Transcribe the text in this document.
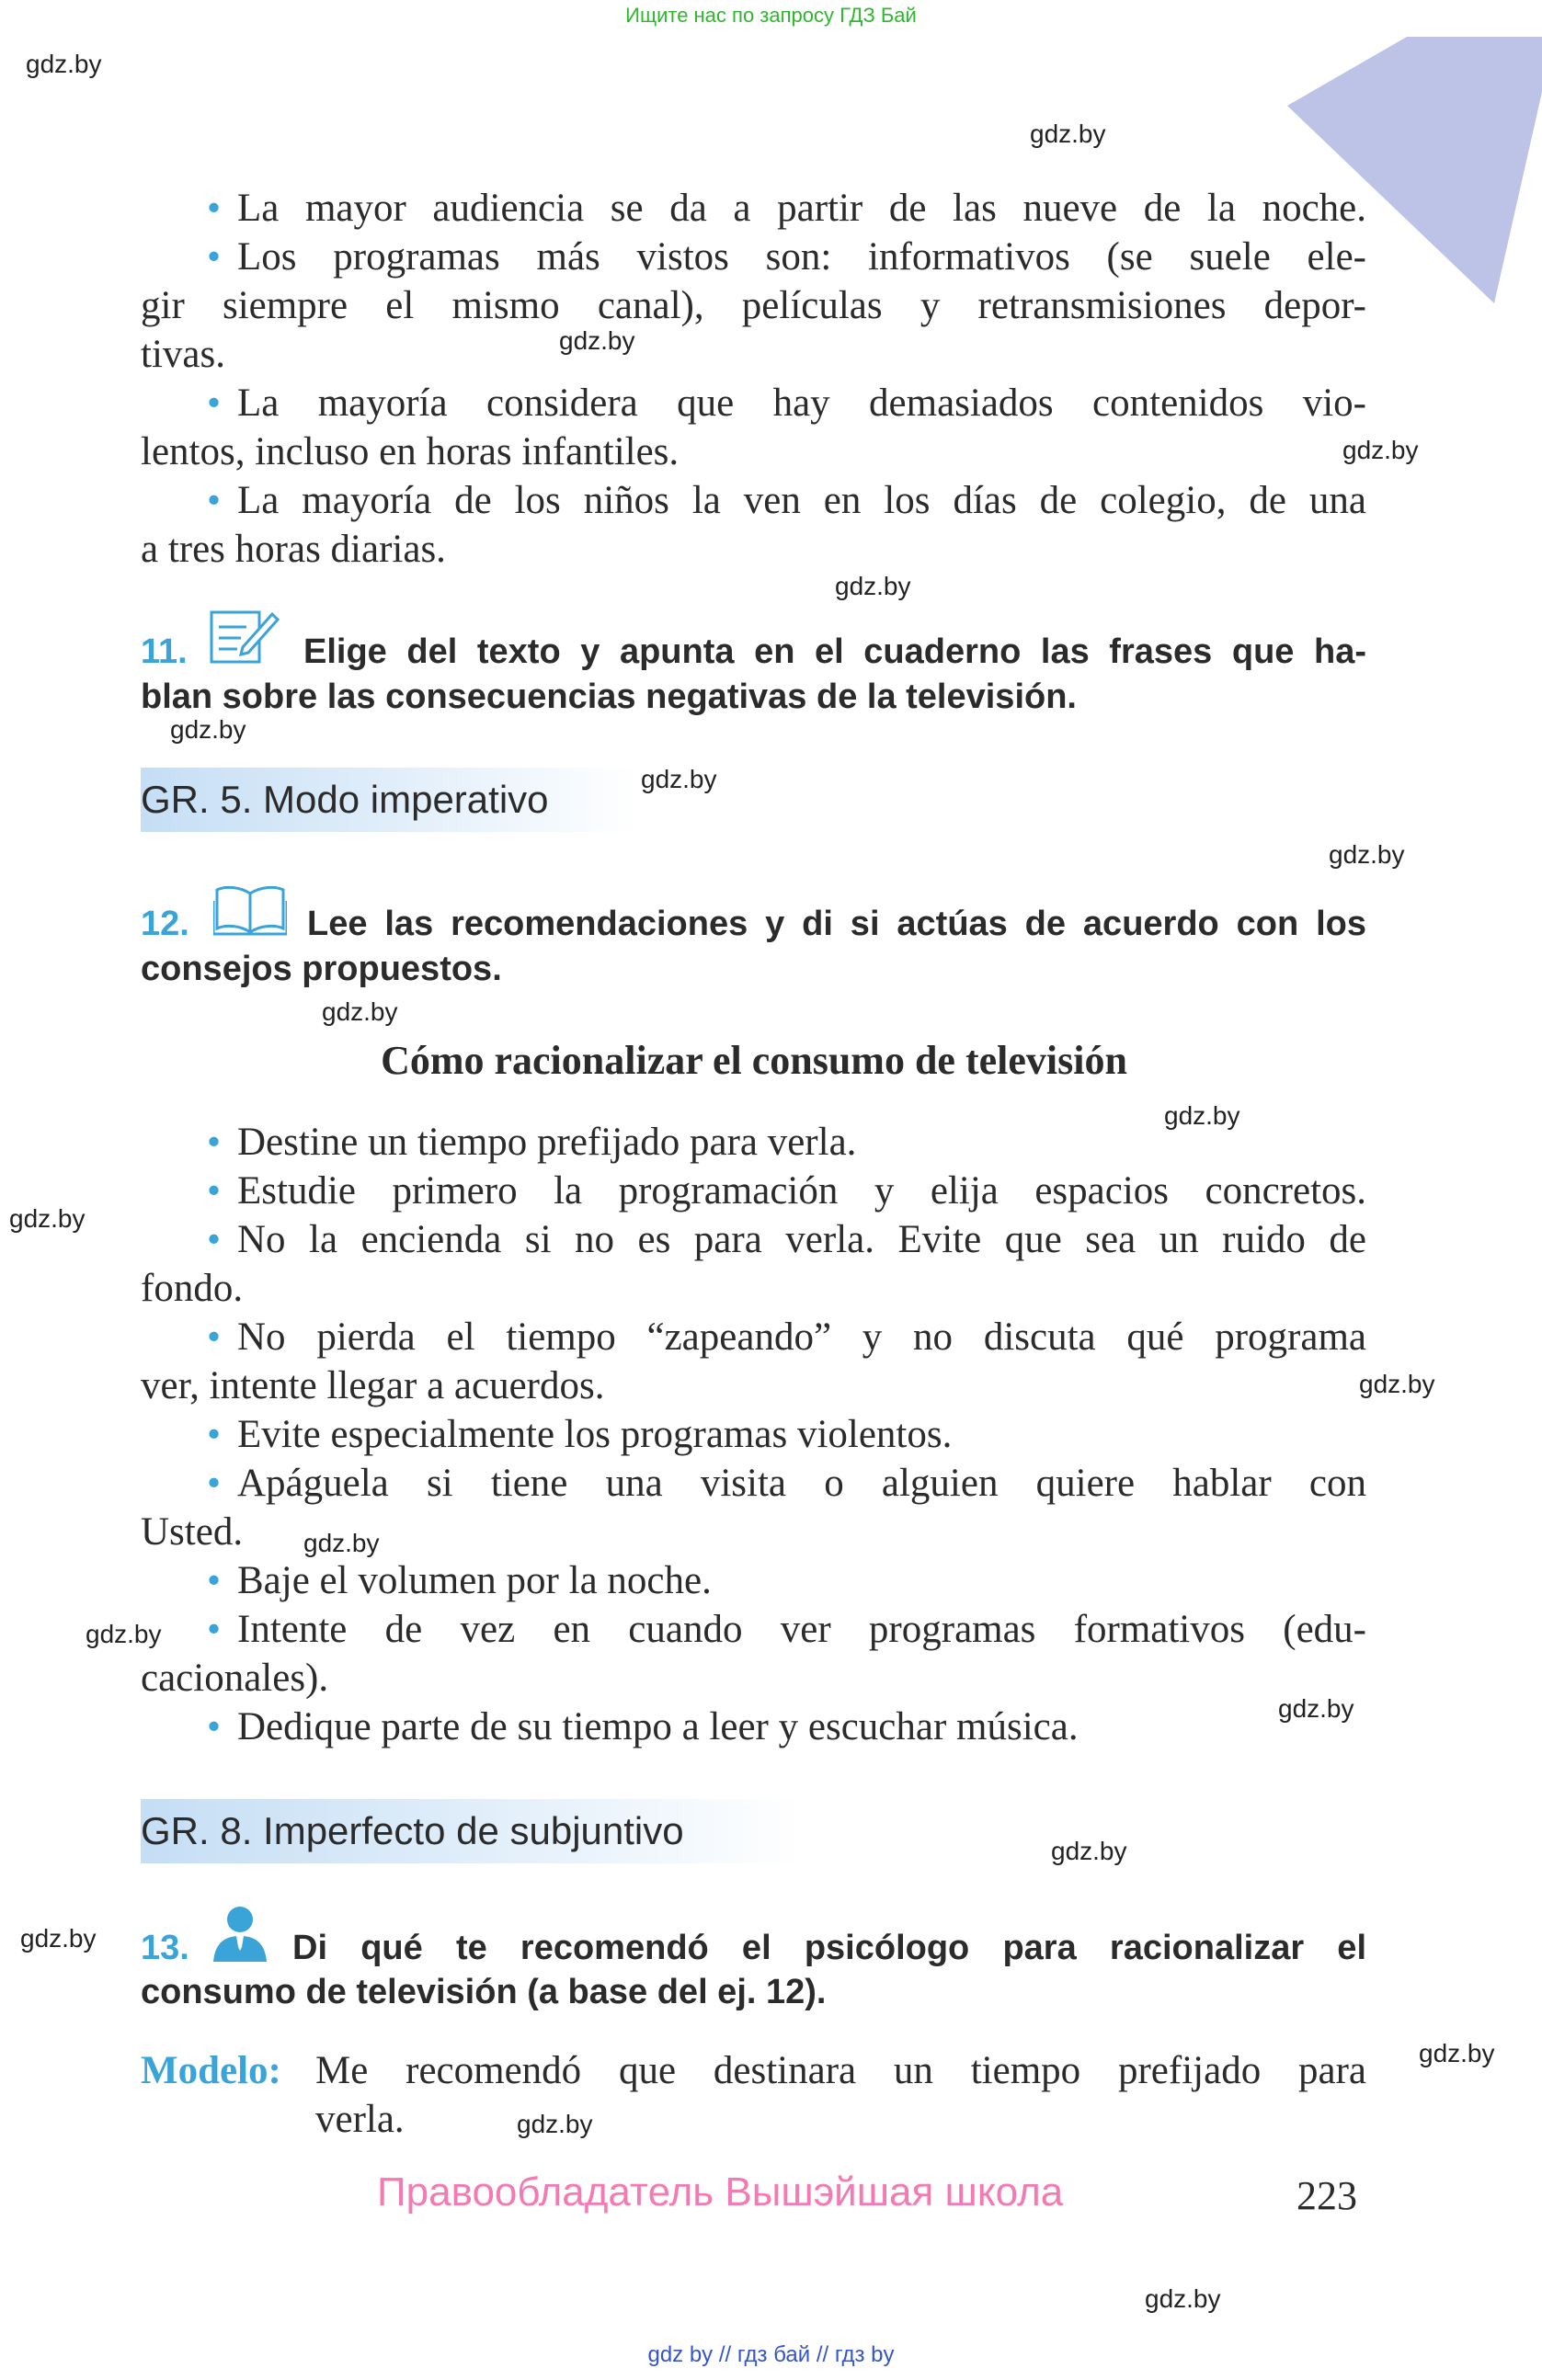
Ищите нас по запросу ГДЗ Бай
gdz.by
gdz.by
gdz.by
gdz.by
gdz.by
gdz.by
gdz.by
gdz.by
gdz.by
gdz.by
gdz.by
gdz.by
gdz.by
gdz.by
gdz.by
gdz.by
gdz.by
gdz.by
gdz.by
gdz.by
• La mayor audiencia se da a partir de las nueve de la noche.
• Los programas más vistos son: informativos (se suele ele-
gir siempre el mismo canal), películas y retransmisiones depor-
tivas.
• La mayoría considera que hay demasiados contenidos vio-
lentos, incluso en horas infantiles.
• La mayoría de los niños la ven en los días de colegio, de una
a tres horas diarias.
11.	Elige del texto y apunta en el cuaderno las frases que ha-
blan sobre las consecuencias negativas de la televisión.
GR. 5. Modo imperativo
12.	Lee las recomendaciones y di si actúas de acuerdo con los
consejos propuestos.
Cómo racionalizar el consumo de televisión
• Destine un tiempo prefijado para verla.
• Estudie primero la programación y elija espacios concretos.
• No la encienda si no es para verla. Evite que sea un ruido de
fondo.
• No pierda el tiempo “zapeando” y no discuta qué programa
ver, intente llegar a acuerdos.
• Evite especialmente los programas violentos.
• Apáguela si tiene una visita o alguien quiere hablar con
Usted.
• Baje el volumen por la noche.
• Intente de vez en cuando ver programas formativos (edu-
cacionales).
• Dedique parte de su tiempo a leer y escuchar música.
GR. 8. Imperfecto de subjuntivo
13.	Di qué te recomendó el psicólogo para racionalizar el
consumo de televisión (a base del ej. 12).
Modelo: Me recomendó que destinara un tiempo prefijado para
verla.
Правообладатель Вышэйшая школа	223
gdz by // гдз бай // гдз by
